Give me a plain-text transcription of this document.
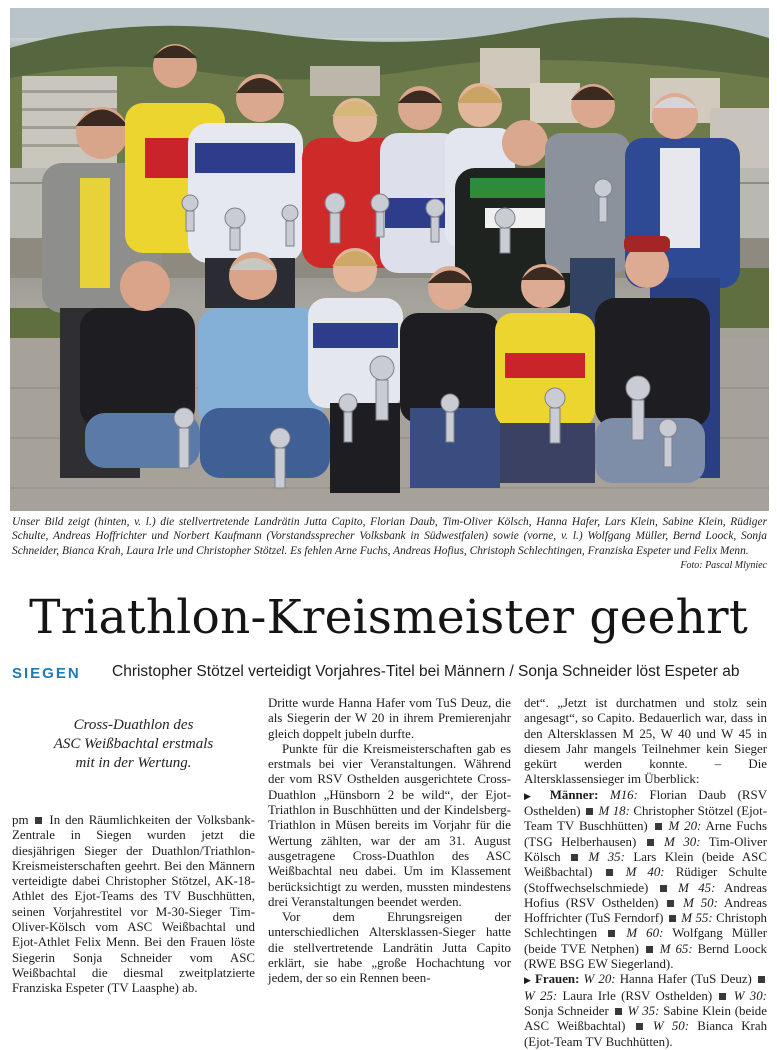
Unser Bild zeigt (hinten, v. l.) die stellvertretende Landrätin Jutta Capito, Florian Daub, Tim-Oliver Kölsch, Hanna Hafer, Lars Klein, Sabine Klein, Rüdiger Schulte, Andreas Hoffrichter und Norbert Kaufmann (Vorstandssprecher Volksbank in Südwestfalen) sowie (vorne, v. l.) Wolfgang Müller, Bernd Loock, Sonja Schneider, Bianca Krah, Laura Irle und Christopher Stötzel. Es fehlen Arne Fuchs, Andreas Hofius, Christoph Schlechtingen, Franziska Espeter und Felix Menn.
Foto: Pascal Mlyniec
Triathlon-Kreismeister geehrt
SIEGEN Christopher Stötzel verteidigt Vorjahres-Titel bei Männern / Sonja Schneider löst Espeter ab
Cross-Duathlon des
ASC Weißbachtal erstmals
mit in der Wertung.

pm In den Räumlichkeiten der Volksbank-Zentrale in Siegen wurden jetzt die diesjährigen Sieger der Duathlon/Triathlon-Kreismeisterschaften geehrt. Bei den Männern verteidigte dabei Christopher Stötzel, AK-18-Athlet des Ejot-Teams des TV Buschhütten, seinen Vorjahrestitel vor M-30-Sieger Tim-Oliver-Kölsch vom ASC Weißbachtal und Ejot-Athlet Felix Menn. Bei den Frauen löste Siegerin Sonja Schneider vom ASC Weißbachtal die diesmal zweitplatzierte Franziska Espeter (TV Laasphe) ab.

Dritte wurde Hanna Hafer vom TuS Deuz, die als Siegerin der W 20 in ihrem Premierenjahr gleich doppelt jubeln durfte.

Punkte für die Kreismeisterschaften gab es erstmals bei vier Veranstaltungen. Während der vom RSV Osthelden ausgerichtete Cross-Duathlon „Hünsborn 2 be wild“, der Ejot-Triathlon in Buschhütten und der Kindelsberg-Triathlon in Müsen bereits im Vorjahr für die Wertung zählten, war der am 31. August ausgetragene Cross-Duathlon des ASC Weißbachtal neu dabei. Um im Klassement berücksichtigt zu werden, mussten mindestens drei Veranstaltungen beendet werden.

Vor dem Ehrungsreigen der unterschiedlichen Altersklassen-Sieger hatte die stellvertretende Landrätin Jutta Capito erklärt, sie habe „große Hochachtung vor jedem, der so ein Rennen been-

det“. „Jetzt ist durchatmen und stolz sein angesagt“, so Capito. Bedauerlich war, dass in den Altersklassen M 25, W 40 und W 45 in diesem Jahr mangels Teilnehmer kein Sieger gekürt werden konnte. – Die Altersklassensieger im Überblick:

▶ Männer: M16: Florian Daub (RSV Osthelden) M 18: Christopher Stötzel (Ejot-Team TV Buschhütten) M 20: Arne Fuchs (TSG Helberhausen) M 30: Tim-Oliver Kölsch M 35: Lars Klein (beide ASC Weißbachtal)	M 40: Rüdiger Schulte (Stoffwechselschmiede) M 45: Andreas Hofius (RSV Osthelden) M 50: Andreas Hoffrichter (TuS Ferndorf) M 55: Christoph Schlechtingen M 60: Wolfgang Müller (beide TVE Netphen) M 65: Bernd Loock (RWE BSG EW Siegerland).
▶ Frauen: W 20: Hanna Hafer (TuS Deuz)  W 25: Laura Irle (RSV Osthelden) W 30: Sonja Schneider W 35: Sabine Klein (beide ASC Weißbachtal) W 50: Bianca Krah (Ejot-Team TV Buchhütten).
